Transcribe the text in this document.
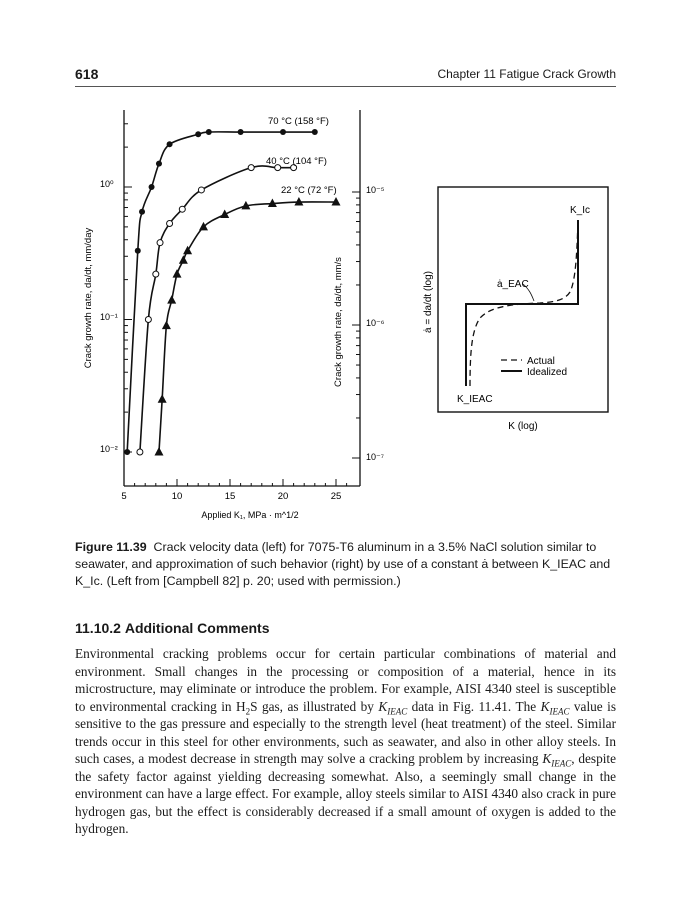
618	Chapter 11 Fatigue Crack Growth
70 °C (158 °F)
40 °C (104 °F)
22 °C (72 °F)
10⁰
10⁻¹
10⁻²
10⁻⁵
10⁻⁶
10⁻⁷
5	10	15	20	25
Applied K₁, MPa · m^1/2
Crack growth rate, da/dt, mm/day	Crack growth rate, da/dt, mm/s	Actual
Idealized
K_Ic
ȧ_EAC
K_IEAC
K (log)
ȧ = da/dt (log)
Figure 11.39 Crack velocity data (left) for 7075-T6 aluminum in a 3.5% NaCl solution similar to seawater, and approximation of such behavior (right) by use of a constant ȧ between K_IEAC and K_Ic. (Left from [Campbell 82] p. 20; used with permission.)
11.10.2 Additional Comments

Environmental cracking problems occur for certain particular combinations of material and environment. Small changes in the processing or composition of a material, hence in its microstructure, may eliminate or introduce the problem. For example, AISI 4340 steel is susceptible to environmental cracking in $H_2S$ gas, as illustrated by $K_{IEAC}$ data in Fig. 11.41. The $K_{IEAC}$ value is sensitive to the gas pressure and especially to the strength level (heat treatment) of the steel. Similar trends occur in this steel for other environments, such as seawater, and also in other alloy steels. In such cases, a modest decrease in strength may solve a cracking problem by increasing $K_{IEAC}$, despite the safety factor against yielding decreasing somewhat. Also, a seemingly small change in the environment can have a large effect. For example, alloy steels similar to AISI 4340 also crack in pure hydrogen gas, but the effect is considerably decreased if a small amount of oxygen is added to the hydrogen.
